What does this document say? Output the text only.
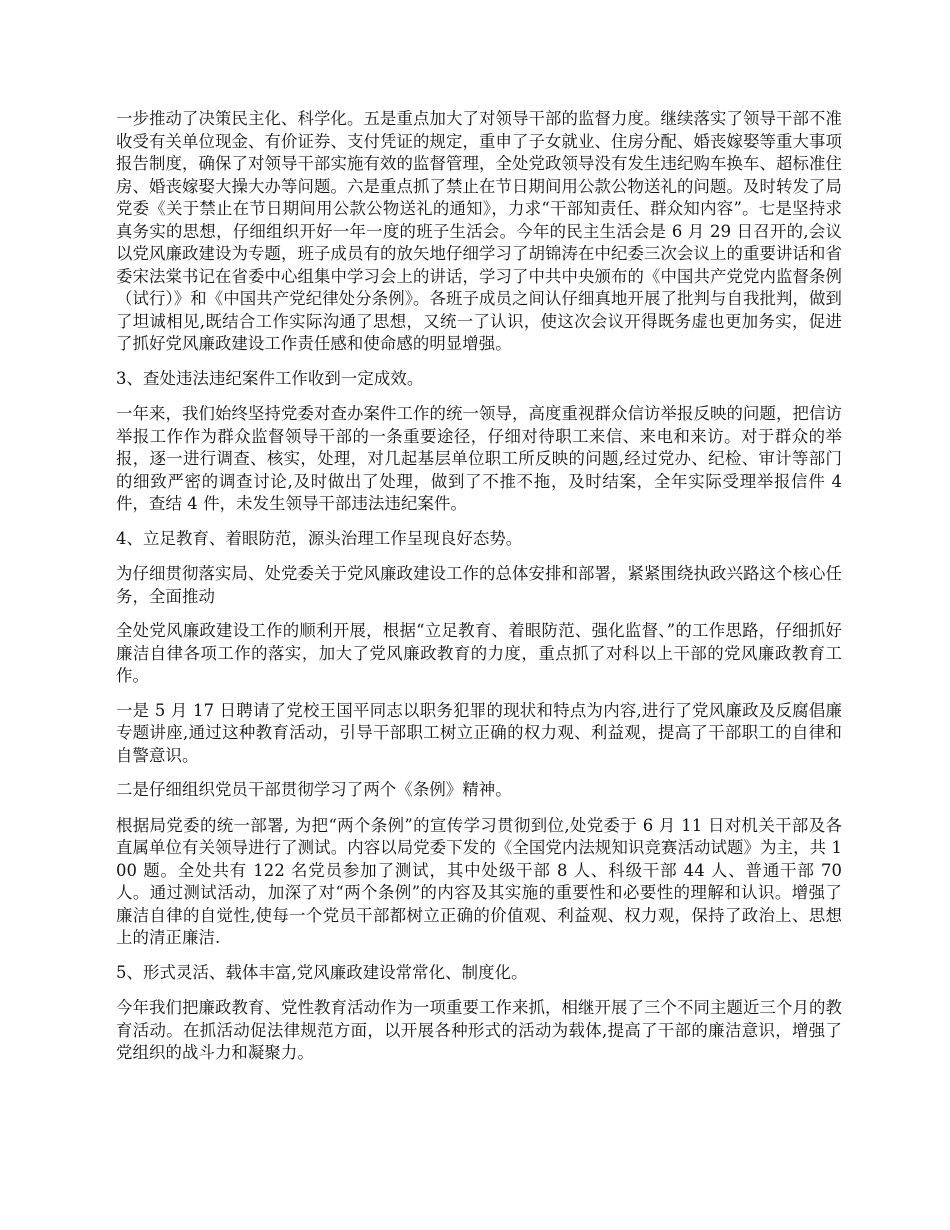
一步推动了决策民主化、科学化。五是重点加大了对领导干部的监督力度。继续落实了领导干部不准收受有关单位现金、有价证券、支付凭证的规定，重申了子女就业、住房分配、婚丧嫁娶等重大事项报告制度，确保了对领导干部实施有效的监督管理，全处党政领导没有发生违纪购车换车、超标准住房、婚丧嫁娶大操大办等问题。六是重点抓了禁止在节日期间用公款公物送礼的问题。及时转发了局党委《关于禁止在节日期间用公款公物送礼的通知》，力求“干部知责任、群众知内容”。七是坚持求真务实的思想，仔细组织开好一年一度的班子生活会。今年的民主生活会是 6 月 29 日召开的,会议以党风廉政建设为专题，班子成员有的放矢地仔细学习了胡锦涛在中纪委三次会议上的重要讲话和省委宋法棠书记在省委中心组集中学习会上的讲话，学习了中共中央颁布的《中国共产党党内监督条例（试行）》和《中国共产党纪律处分条例》。各班子成员之间认仔细真地开展了批判与自我批判，做到了坦诚相见,既结合工作实际沟通了思想，又统一了认识，使这次会议开得既务虚也更加务实，促进了抓好党风廉政建设工作责任感和使命感的明显增强。

3、查处违法违纪案件工作收到一定成效。

一年来，我们始终坚持党委对查办案件工作的统一领导，高度重视群众信访举报反映的问题，把信访举报工作作为群众监督领导干部的一条重要途径，仔细对待职工来信、来电和来访。对于群众的举报，逐一进行调查、核实，处理，对几起基层单位职工所反映的问题,经过党办、纪检、审计等部门的细致严密的调查讨论,及时做出了处理，做到了不推不拖，及时结案，全年实际受理举报信件 4 件，查结 4 件，未发生领导干部违法违纪案件。

4、立足教育、着眼防范，源头治理工作呈现良好态势。

为仔细贯彻落实局、处党委关于党风廉政建设工作的总体安排和部署，紧紧围绕执政兴路这个核心任务，全面推动

全处党风廉政建设工作的顺利开展，根据“立足教育、着眼防范、强化监督、”的工作思路，仔细抓好廉洁自律各项工作的落实，加大了党风廉政教育的力度，重点抓了对科以上干部的党风廉政教育工作。

一是 5 月 17 日聘请了党校王国平同志以职务犯罪的现状和特点为内容,进行了党风廉政及反腐倡廉专题讲座,通过这种教育活动，引导干部职工树立正确的权力观、利益观，提高了干部职工的自律和自警意识。

二是仔细组织党员干部贯彻学习了两个《条例》精神。

根据局党委的统一部署, 为把“两个条例”的宣传学习贯彻到位,处党委于 6 月 11 日对机关干部及各直属单位有关领导进行了测试。内容以局党委下发的《全国党内法规知识竞赛活动试题》为主，共 100 题。全处共有 122 名党员参加了测试，其中处级干部 8 人、科级干部 44 人、普通干部 70 人。通过测试活动，加深了对“两个条例”的内容及其实施的重要性和必要性的理解和认识。增强了廉洁自律的自觉性,使每一个党员干部都树立正确的价值观、利益观、权力观，保持了政治上、思想上的清正廉洁.

5、形式灵活、载体丰富,党风廉政建设常常化、制度化。

今年我们把廉政教育、党性教育活动作为一项重要工作来抓，相继开展了三个不同主题近三个月的教育活动。在抓活动促法律规范方面，以开展各种形式的活动为载体,提高了干部的廉洁意识，增强了党组织的战斗力和凝聚力。
